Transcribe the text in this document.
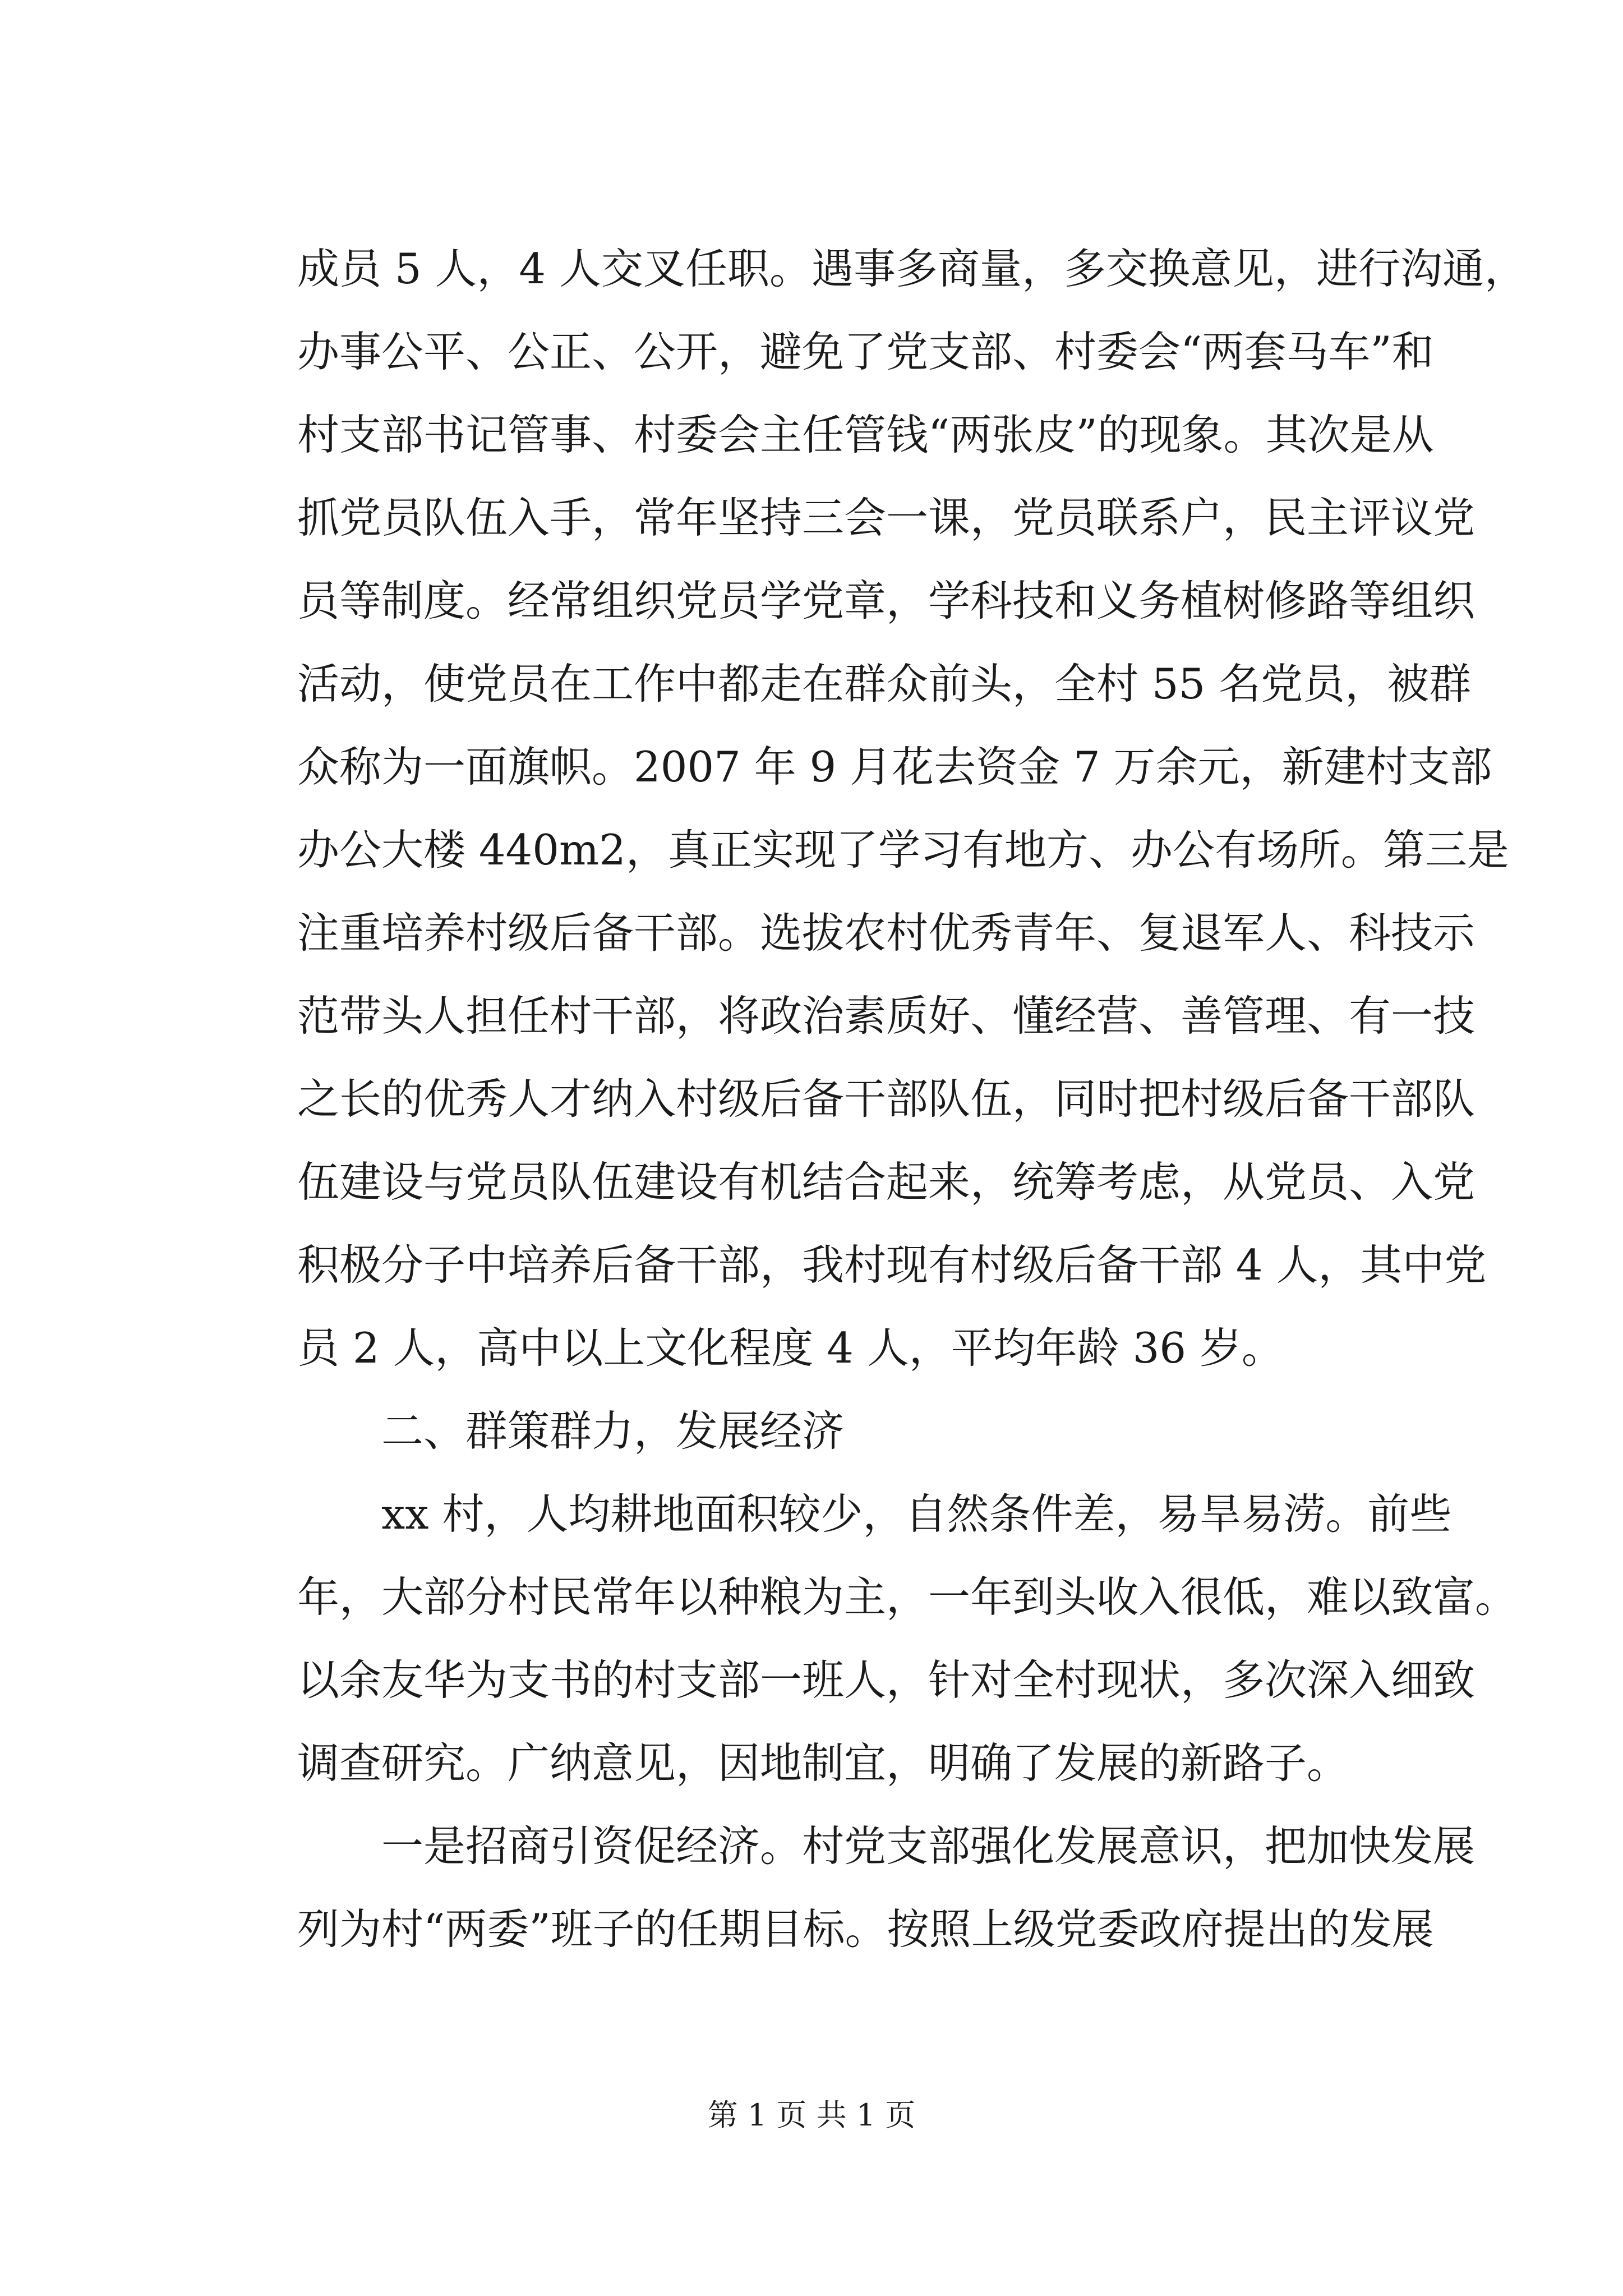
成员 5 人，4 人交叉任职。遇事多商量，多交换意见，进行沟通，
办事公平、公正、公开，避免了党支部、村委会“两套马车”和
村支部书记管事、村委会主任管钱“两张皮”的现象。其次是从
抓党员队伍入手，常年坚持三会一课，党员联系户，民主评议党
员等制度。经常组织党员学党章，学科技和义务植树修路等组织
活动，使党员在工作中都走在群众前头，全村 55 名党员，被群
众称为一面旗帜。2007 年 9 月花去资金 7 万余元，新建村支部
办公大楼 440m2，真正实现了学习有地方、办公有场所。第三是
注重培养村级后备干部。选拔农村优秀青年、复退军人、科技示
范带头人担任村干部，将政治素质好、懂经营、善管理、有一技
之长的优秀人才纳入村级后备干部队伍，同时把村级后备干部队
伍建设与党员队伍建设有机结合起来，统筹考虑，从党员、入党
积极分子中培养后备干部，我村现有村级后备干部 4 人，其中党
员 2 人，高中以上文化程度 4 人，平均年龄 36 岁。
二、群策群力，发展经济
xx 村，人均耕地面积较少，自然条件差，易旱易涝。前些
年，大部分村民常年以种粮为主，一年到头收入很低，难以致富。
以余友华为支书的村支部一班人，针对全村现状，多次深入细致
调查研究。广纳意见，因地制宜，明确了发展的新路子。
一是招商引资促经济。村党支部强化发展意识，把加快发展
列为村“两委”班子的任期目标。按照上级党委政府提出的发展
第 1 页 共 1 页
